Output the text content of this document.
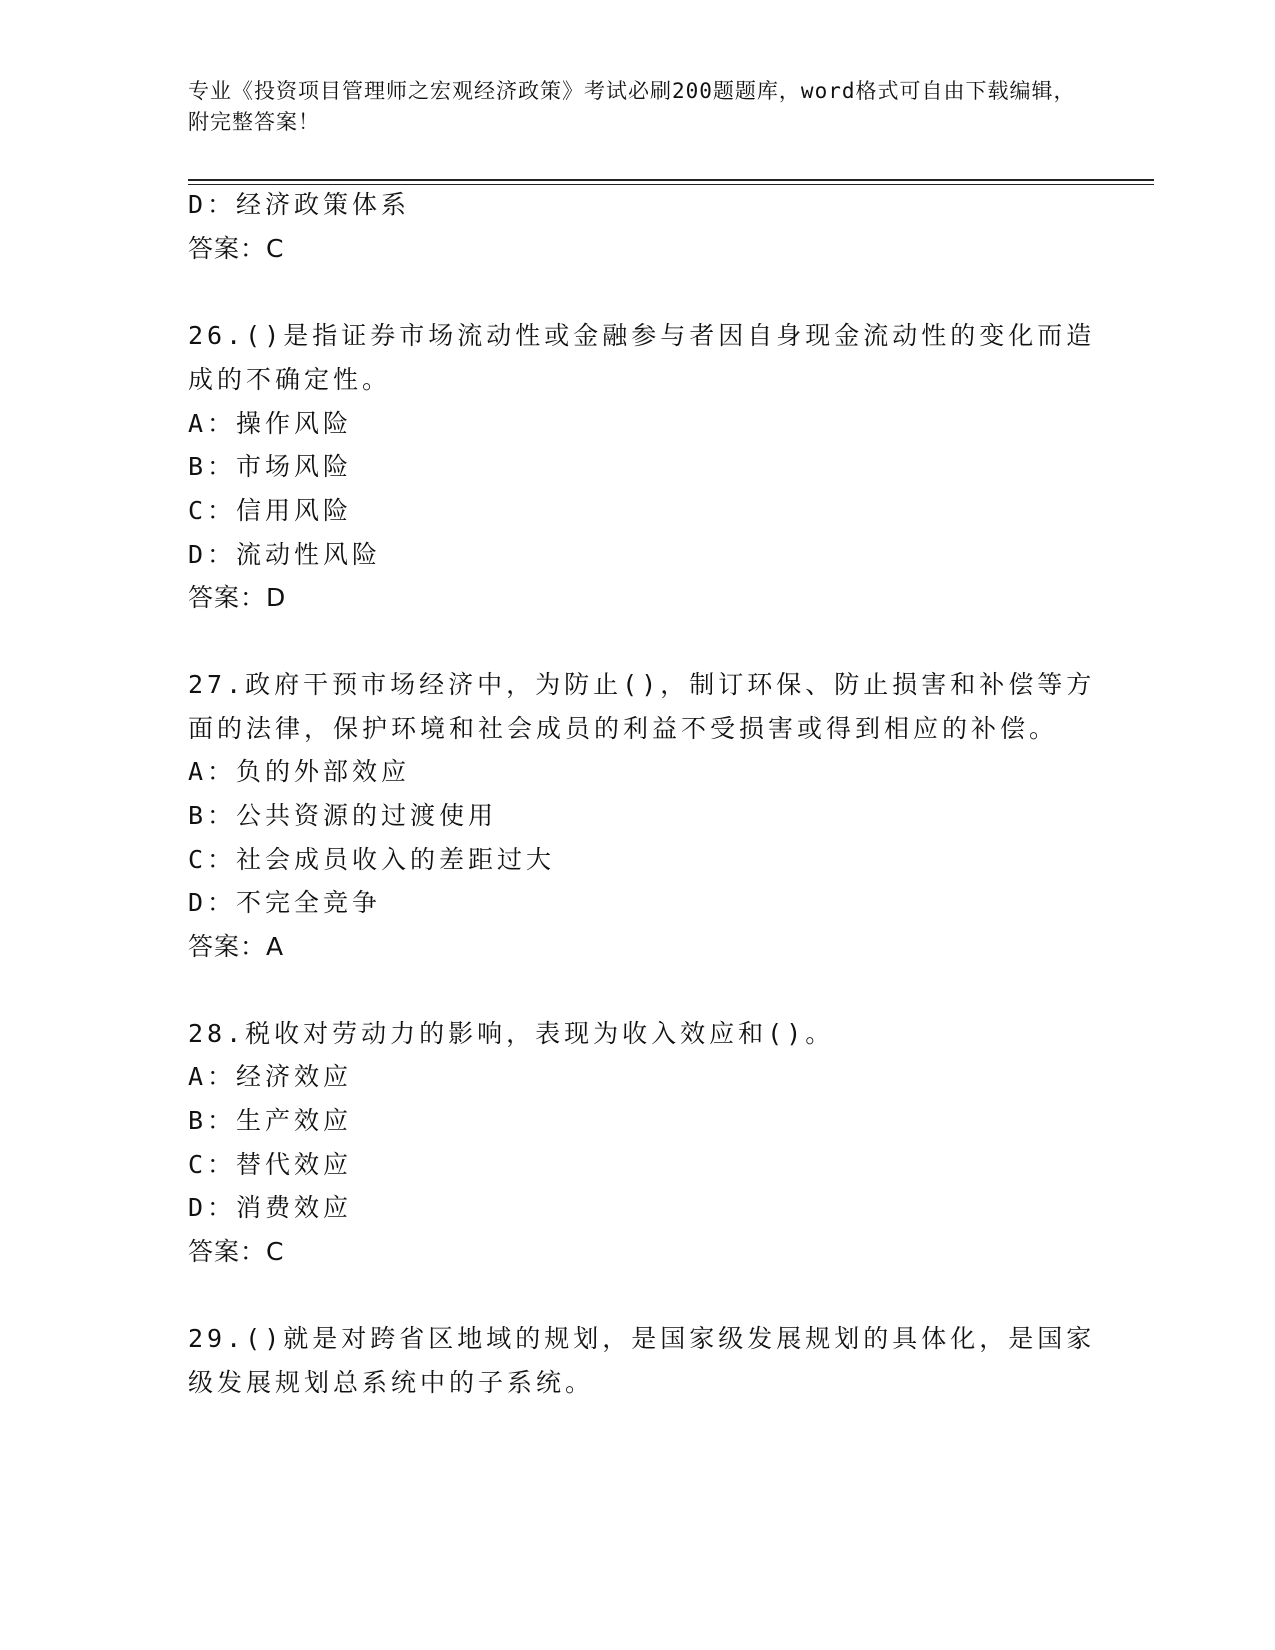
专业《投资项目管理师之宏观经济政策》考试必刷200题题库，word格式可自由下载编辑，附完整答案！
D：经济政策体系
答案：C
26.()是指证券市场流动性或金融参与者因自身现金流动性的变化而造
成的不确定性。
A：操作风险
B：市场风险
C：信用风险
D：流动性风险
答案：D
27.政府干预市场经济中，为防止()，制订环保、防止损害和补偿等方
面的法律，保护环境和社会成员的利益不受损害或得到相应的补偿。
A：负的外部效应
B：公共资源的过渡使用
C：社会成员收入的差距过大
D：不完全竞争
答案：A
28.税收对劳动力的影响，表现为收入效应和()。
A：经济效应
B：生产效应
C：替代效应
D：消费效应
答案：C
29.()就是对跨省区地域的规划，是国家级发展规划的具体化，是国家
级发展规划总系统中的子系统。
